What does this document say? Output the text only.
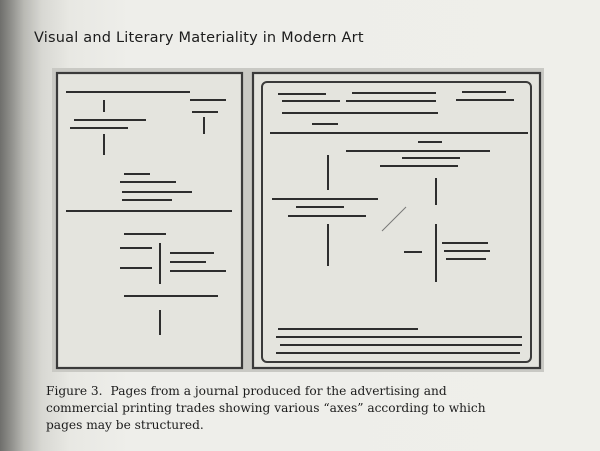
Visual and Literary Materiality in Modern Art
Figure 3. Pages from a journal produced for the advertising and commercial printing trades showing various “axes” according to which pages may be structured.
